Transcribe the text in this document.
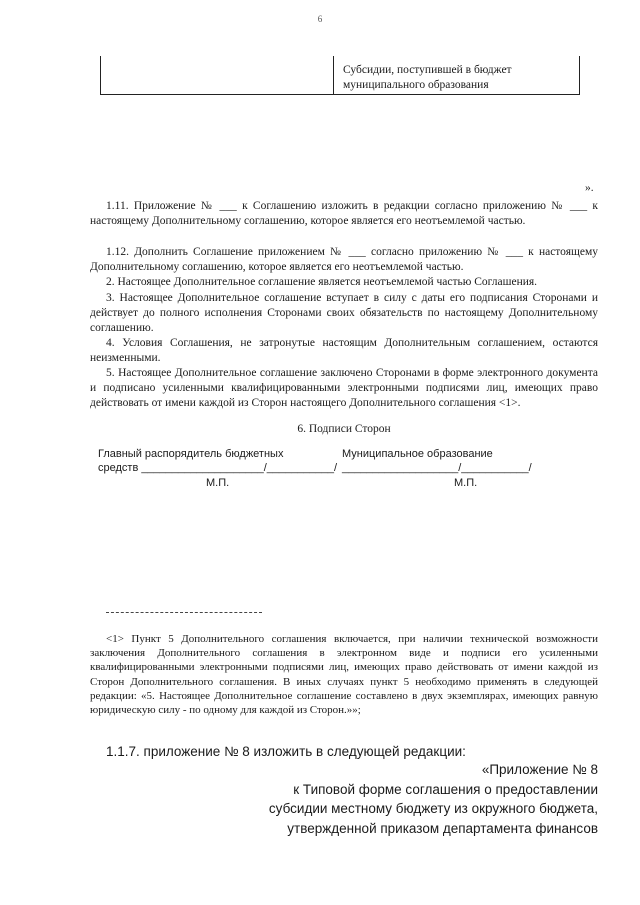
6
Субсидии, поступившей в бюджет муниципального образования
».
1.11. Приложение № ___ к Соглашению изложить в редакции согласно приложению № ___ к настоящему Дополнительному соглашению, которое является его неотъемлемой частью.
1.12. Дополнить Соглашение приложением № ___ согласно приложению № ___ к настоящему Дополнительному соглашению, которое является его неотъемлемой частью.
2. Настоящее Дополнительное соглашение является неотъемлемой частью Соглашения.
3. Настоящее Дополнительное соглашение вступает в силу с даты его подписания Сторонами и действует до полного исполнения Сторонами своих обязательств по настоящему Дополнительному соглашению.
4. Условия Соглашения, не затронутые настоящим Дополнительным соглашением, остаются неизменными.
5. Настоящее Дополнительное соглашение заключено Сторонами в форме электронного документа и подписано усиленными квалифицированными электронными подписями лиц, имеющих право действовать от имени каждой из Сторон настоящего Дополнительного соглашения <1>.
6. Подписи Сторон
Главный распорядитель бюджетных
средств ____________________/___________/
М.П.
Муниципальное образование
___________________/___________/
М.П.
<1> Пункт 5 Дополнительного соглашения включается, при наличии технической возможности заключения Дополнительного соглашения в электронном виде и подписи его усиленными квалифицированными электронными подписями лиц, имеющих право действовать от имени каждой из Сторон Дополнительного соглашения. В иных случаях пункт 5 необходимо применять в следующей редакции: «5. Настоящее Дополнительное соглашение составлено в двух экземплярах, имеющих равную юридическую силу - по одному для каждой из Сторон.»»;
1.1.7. приложение № 8 изложить в следующей редакции:
«Приложение № 8
к Типовой форме соглашения о предоставлении
субсидии местному бюджету из окружного бюджета,
утвержденной приказом департамента финансов
